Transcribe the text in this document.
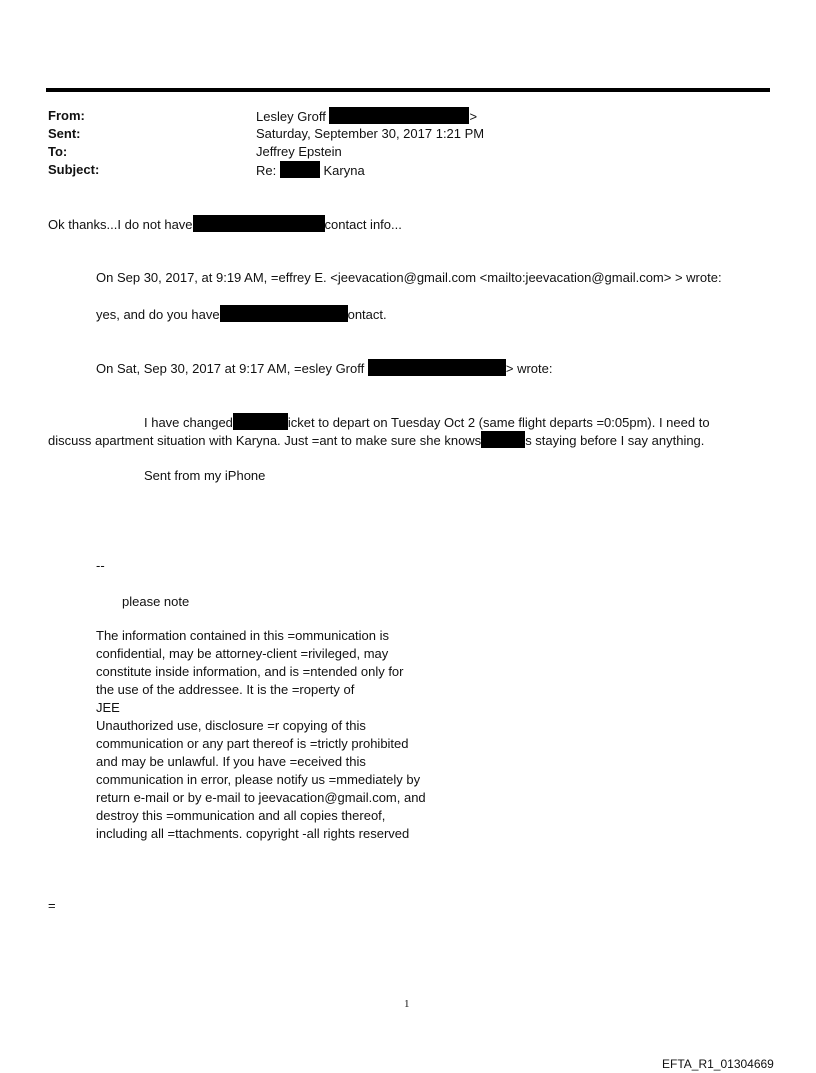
From:	Lesley Groff	>
Sent:	Saturday, September 30, 2017 1:21 PM
To:	Jeffrey Epstein
Subject:	Re:	Karyna
Ok thanks...I do not have	contact info...
On Sep 30, 2017, at 9:19 AM, =effrey E. <jeevacation@gmail.com <mailto:jeevacation@gmail.com> > wrote:
yes, and do you have	ontact.
On Sat, Sep 30, 2017 at 9:17 AM, =esley Groff	> wrote:
I have changed	icket to depart on Tuesday Oct 2 (same flight departs =0:05pm). I need to
discuss apartment situation with Karyna. Just =ant to make sure she knows	s staying before I say anything.
Sent from my iPhone
--
please note
The information contained in this =ommunication is
confidential, may be attorney-client =rivileged, may
constitute inside information, and is =ntended only for
the use of the addressee. It is the =roperty of
JEE
Unauthorized use, disclosure =r copying of this
communication or any part thereof is =trictly prohibited
and may be unlawful. If you have =eceived this
communication in error, please notify us =mmediately by
return e-mail or by e-mail to jeevacation@gmail.com, and
destroy this =ommunication and all copies thereof,
including all =ttachments. copyright -all rights reserved
=
1
EFTA_R1_01304669
